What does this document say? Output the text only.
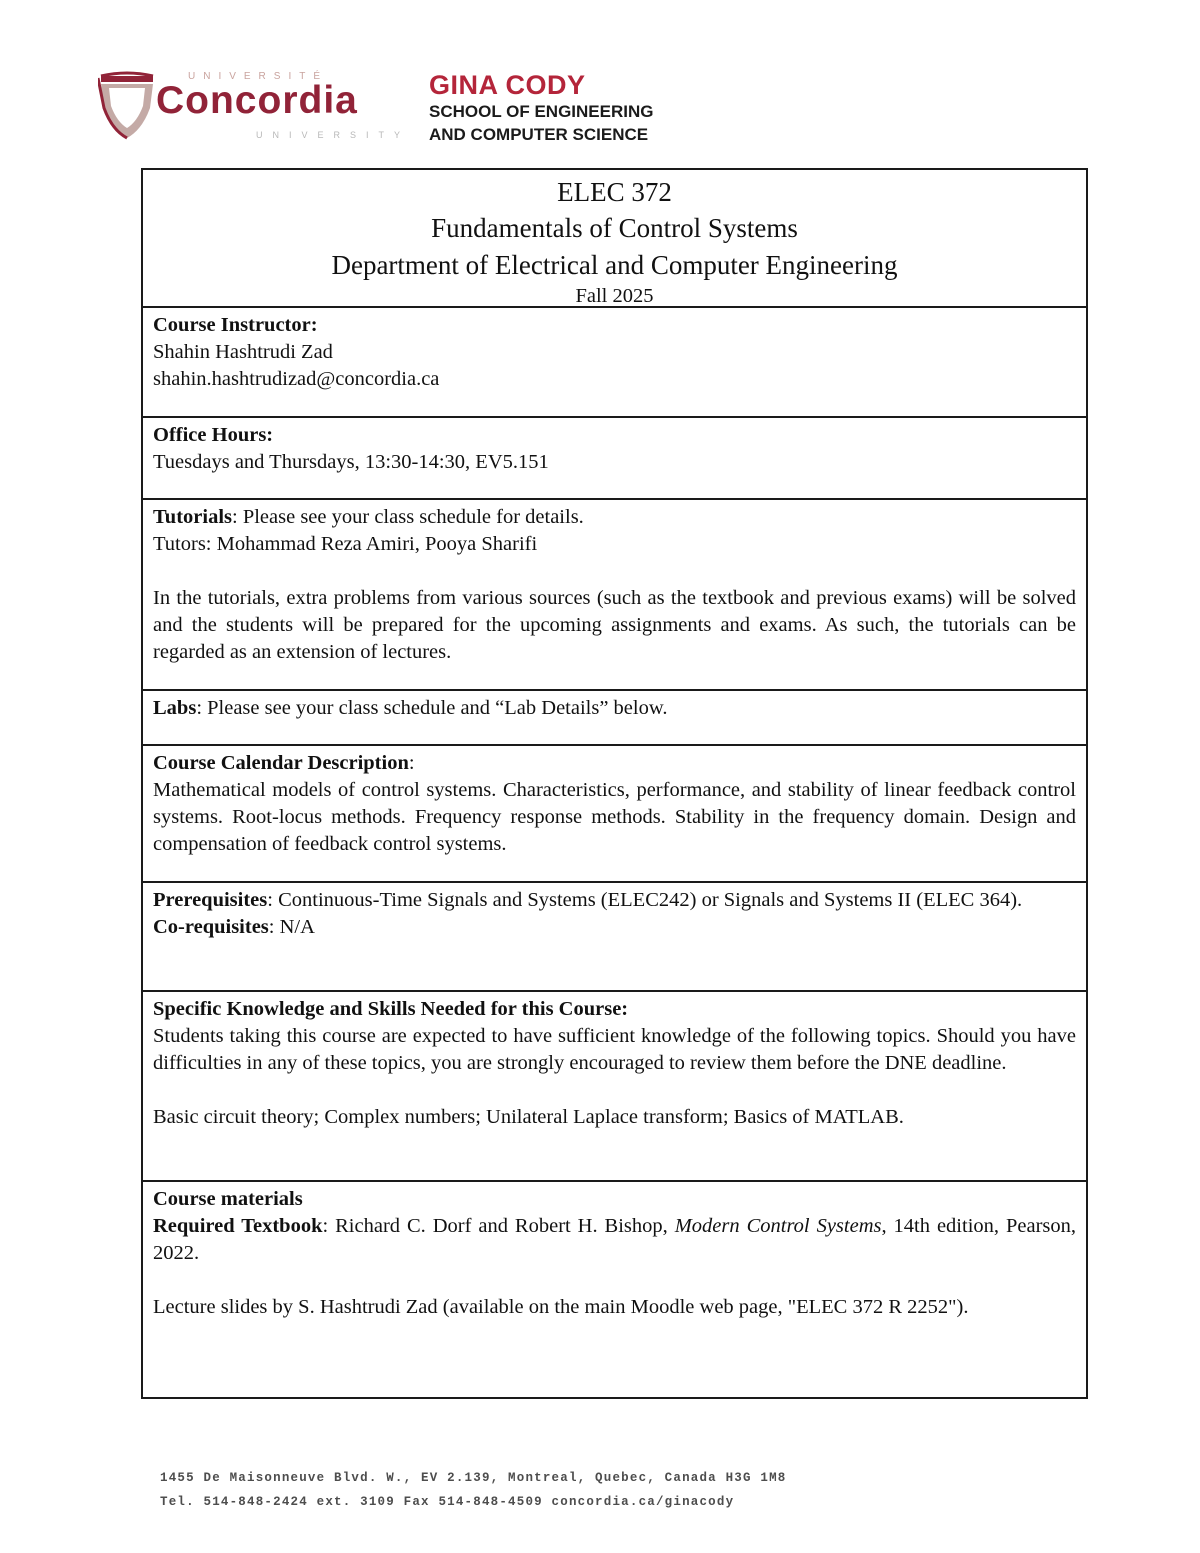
UNIVERSITÉ
Concordia
UNIVERSITY
GINA CODY
SCHOOL OF ENGINEERING
AND COMPUTER SCIENCE
ELEC 372
Fundamentals of Control Systems
Department of Electrical and Computer Engineering
Fall 2025
Course Instructor:
Shahin Hashtrudi Zad
shahin.hashtrudizad@concordia.ca
Office Hours:
Tuesdays and Thursdays, 13:30-14:30, EV5.151
Tutorials: Please see your class schedule for details.
Tutors: Mohammad Reza Amiri, Pooya Sharifi
In the tutorials, extra problems from various sources (such as the textbook and previous exams) will be solved and the students will be prepared for the upcoming assignments and exams. As such, the tutorials can be regarded as an extension of lectures.
Labs: Please see your class schedule and “Lab Details” below.
Course Calendar Description:
Mathematical models of control systems. Characteristics, performance, and stability of linear feedback control systems. Root-locus methods. Frequency response methods. Stability in the frequency domain. Design and compensation of feedback control systems.
Prerequisites: Continuous-Time Signals and Systems (ELEC242) or Signals and Systems II (ELEC 364).
Co-requisites: N/A
Specific Knowledge and Skills Needed for this Course:
Students taking this course are expected to have sufficient knowledge of the following topics. Should you have difficulties in any of these topics, you are strongly encouraged to review them before the DNE deadline.
Basic circuit theory; Complex numbers; Unilateral Laplace transform; Basics of MATLAB.
Course materials
Required Textbook: Richard C. Dorf and Robert H. Bishop, Modern Control Systems, 14th edition, Pearson, 2022.
Lecture slides by S. Hashtrudi Zad (available on the main Moodle web page, "ELEC 372 R 2252").
1455 De Maisonneuve Blvd. W., EV 2.139, Montreal, Quebec, Canada H3G 1M8
Tel. 514-848-2424 ext. 3109 Fax 514-848-4509 concordia.ca/ginacody
